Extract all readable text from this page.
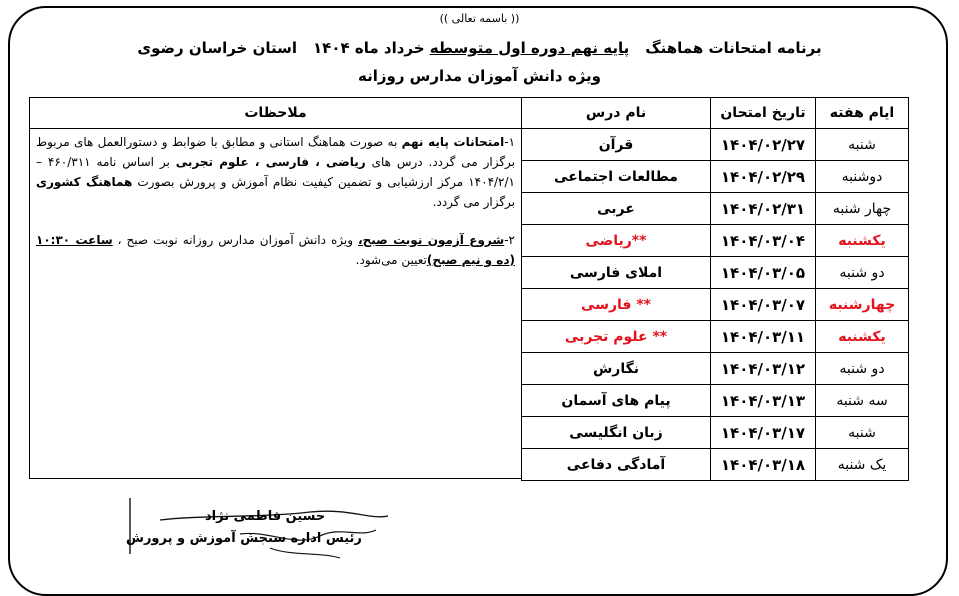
(( باسمه تعالی ))
برنامه امتحانات هماهنگپایه نهم دوره اول متوسطه خرداد ماه ۱۴۰۴استان خراسان رضوی
ویژه دانش آموزان مدارس روزانه
ایام هفته	تاریخ امتحان	نام درس
شنبه	۱۴۰۴/۰۲/۲۷	قرآن
دوشنبه	۱۴۰۴/۰۲/۲۹	مطالعات اجتماعی
چهار شنبه	۱۴۰۴/۰۲/۳۱	عربی
یکشنبه	۱۴۰۴/۰۳/۰۴	**ریاضی
دو شنبه	۱۴۰۴/۰۳/۰۵	املای فارسی
چهارشنبه	۱۴۰۴/۰۳/۰۷	** فارسی
یکشنبه	۱۴۰۴/۰۳/۱۱	** علوم تجربی
دو شنبه	۱۴۰۴/۰۳/۱۲	نگارش
سه شنبه	۱۴۰۴/۰۳/۱۳	پیام های آسمان
شنبه	۱۴۰۴/۰۳/۱۷	زبان انگلیسی
یک شنبه	۱۴۰۴/۰۳/۱۸	آمادگی دفاعی
ملاحظات
۱-امتحانات پایه نهم به صورت هماهنگ استانی و مطابق با ضوابط و دستورالعمل های مربوط برگزار می گردد. درس های ریاضی ، فارسی ، علوم تجربی بر اساس نامه ۴۶۰/۳۱۱ – ۱۴۰۴/۲/۱ مرکز ارزشیابی و تضمین کیفیت نظام آموزش و پرورش بصورت هماهنگ کشوری برگزار می گردد.
۲-شروع آزمون نوبت صبح، ویژه دانش آموزان مدارس روزانه نوبت صبح ، ساعت ۱۰:۳۰ (ده و نیم صبح)تعیین می‌شود.
حسین فاطمی نژاد
رئیس اداره سنجش آموزش و پرورش
